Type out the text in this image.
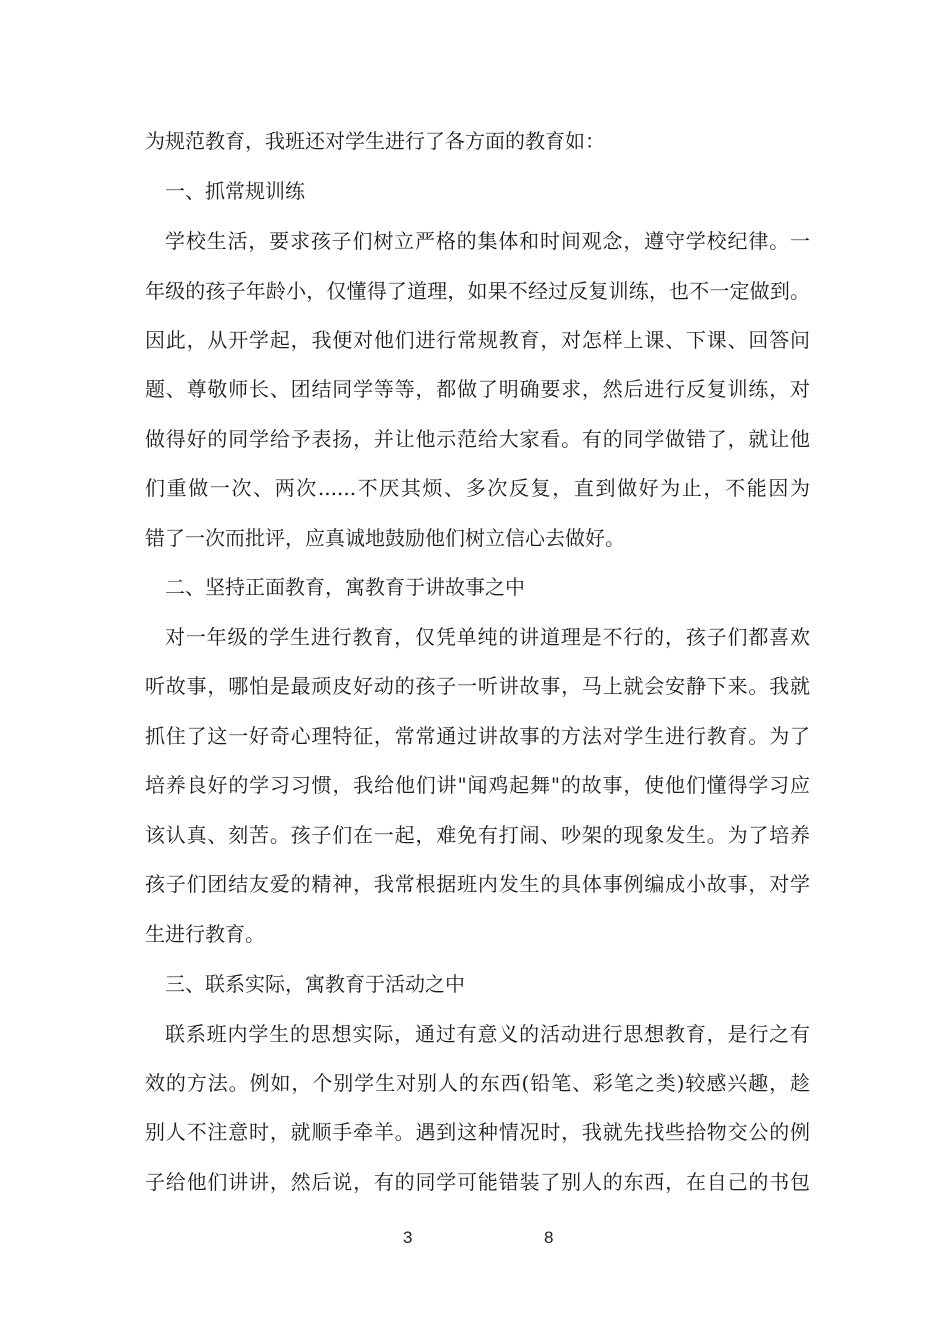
为规范教育，我班还对学生进行了各方面的教育如：
一、抓常规训练
学校生活，要求孩子们树立严格的集体和时间观念，遵守学校纪律。一
年级的孩子年龄小，仅懂得了道理，如果不经过反复训练，也不一定做到。
因此，从开学起，我便对他们进行常规教育，对怎样上课、下课、回答问
题、尊敬师长、团结同学等等，都做了明确要求，然后进行反复训练，对
做得好的同学给予表扬，并让他示范给大家看。有的同学做错了，就让他
们重做一次、两次......不厌其烦、多次反复，直到做好为止，不能因为
错了一次而批评，应真诚地鼓励他们树立信心去做好。
二、坚持正面教育，寓教育于讲故事之中
对一年级的学生进行教育，仅凭单纯的讲道理是不行的，孩子们都喜欢
听故事，哪怕是最顽皮好动的孩子一听讲故事，马上就会安静下来。我就
抓住了这一好奇心理特征，常常通过讲故事的方法对学生进行教育。为了
培养良好的学习习惯，我给他们讲"闻鸡起舞"的故事，使他们懂得学习应
该认真、刻苦。孩子们在一起，难免有打闹、吵架的现象发生。为了培养
孩子们团结友爱的精神，我常根据班内发生的具体事例编成小故事，对学
生进行教育。
三、联系实际，寓教育于活动之中
联系班内学生的思想实际，通过有意义的活动进行思想教育，是行之有
效的方法。例如，个别学生对别人的东西(铅笔、彩笔之类)较感兴趣，趁
别人不注意时，就顺手牵羊。遇到这种情况时，我就先找些拾物交公的例
子给他们讲讲，然后说，有的同学可能错装了别人的东西，在自己的书包
3	8
